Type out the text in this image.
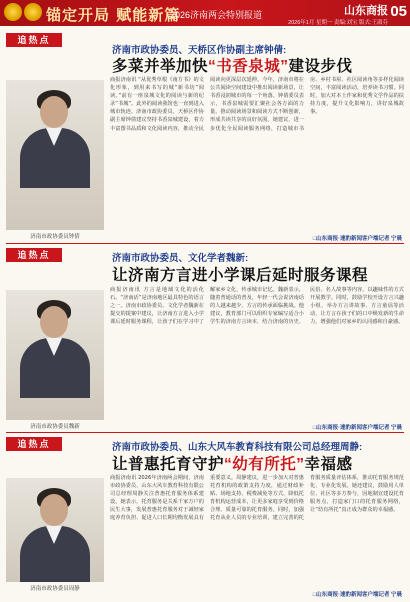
锚定开局 赋能新篇
2026济南两会特别报道	山东商报
2026年1月 星期一 责编:刘宝 版式:王淑芬
05
追热点
济南市政协委员、天桥区作协副主席钟倩:
多菜并举加快“书香泉城”建设步伐
济南市政协委员钟倩
商报济南讯 “从优秀草根《南方书》的文化形象，到用来书写的城“新书坊”阅读。”前有一座泉城文化的阅读与新的纪录“书城”。此外的阅读我馆也一直到进入城市轨迹。济南市政协委员、天桥区作协副主席钟倩建议坚持书香泉城建设，着力丰富图书品质和文化阅读内容，推动全民阅读向更深层次延伸。今年，济南市将在公共阅读空间建设中推出阅读新场景，让书香浸润城市的每一个角落。钟倩委员表示，书香泉城需要汇聚社会各方面的力量，推动阅读场景和阅读方式不断创新，形成共读共享的良好氛围。她建议，进一步优化全民阅读服务网络，打造城市书房、乡村书屋、社区阅读角等多样化阅读空间，丰富阅读活动，培养读书习惯。同时，加大对本土作家和优秀文学作品的扶持力度，提升文化影响力，讲好泉城故事。
□山东商报·速豹新闻客户端记者 宁晨
追热点	济南市政协委员、文化学者魏新:
让济南方言进小学课后延时服务课程
济南市政协委员魏新
商报济南讯 方言是地域文化的活化石。“济南话”是济南地区最具特色的语言之一。济南市政协委员、文化学者魏新在提交的提案中建议，让济南方言进入小学课后延时服务课程，让孩子们在学习中了解家乡文化，传承城市记忆。魏新表示，随着普通话的普及，年轻一代会说济南话的人越来越少，方言的传承面临挑战。他建议，教育部门可以组织专家编写适合小学生的济南方言读本，结合济南的历史、民俗、名人故事等内容，以趣味性的方式开展教学。同时，鼓励学校开设方言兴趣小组，举办方言讲故事、方言童谣等活动，让方言在孩子们的口中焕发新的生命力，增强他们对家乡的认同感和自豪感。
□山东商报·速豹新闻客户端记者 宁晨
追热点	济南市政协委员、山东大风车教育科技有限公司总经理周静:
让普惠托育守护“幼有所托”幸福感
济南市政协委员周静
商报济南讯 2026年济南两会期间，济南市政协委员、山东大风车教育科技有限公司总经理周静关注普惠托育服务体系建设。她表示，托育服务是关系千家万户的民生大事，发展普惠托育服务对于减轻家庭养育负担、促进人口长期均衡发展具有重要意义。周静建议，进一步加大对普惠托育机构的政策支持力度，通过财政补贴、场地支持、税费减免等方式，降低托育机构运营成本，让更多家庭享受到价格合理、质量可靠的托育服务。同时，加强托育从业人员的专业培训，建立完善的托育服务质量评估体系，推动托育服务规范化、专业化发展。她还建议，鼓励用人单位、社区等多方参与，因地制宜建设托育服务点，打造家门口的托育服务网络，让“幼有所托”真正成为群众的幸福感。
□山东商报·速豹新闻客户端记者 宁晨
